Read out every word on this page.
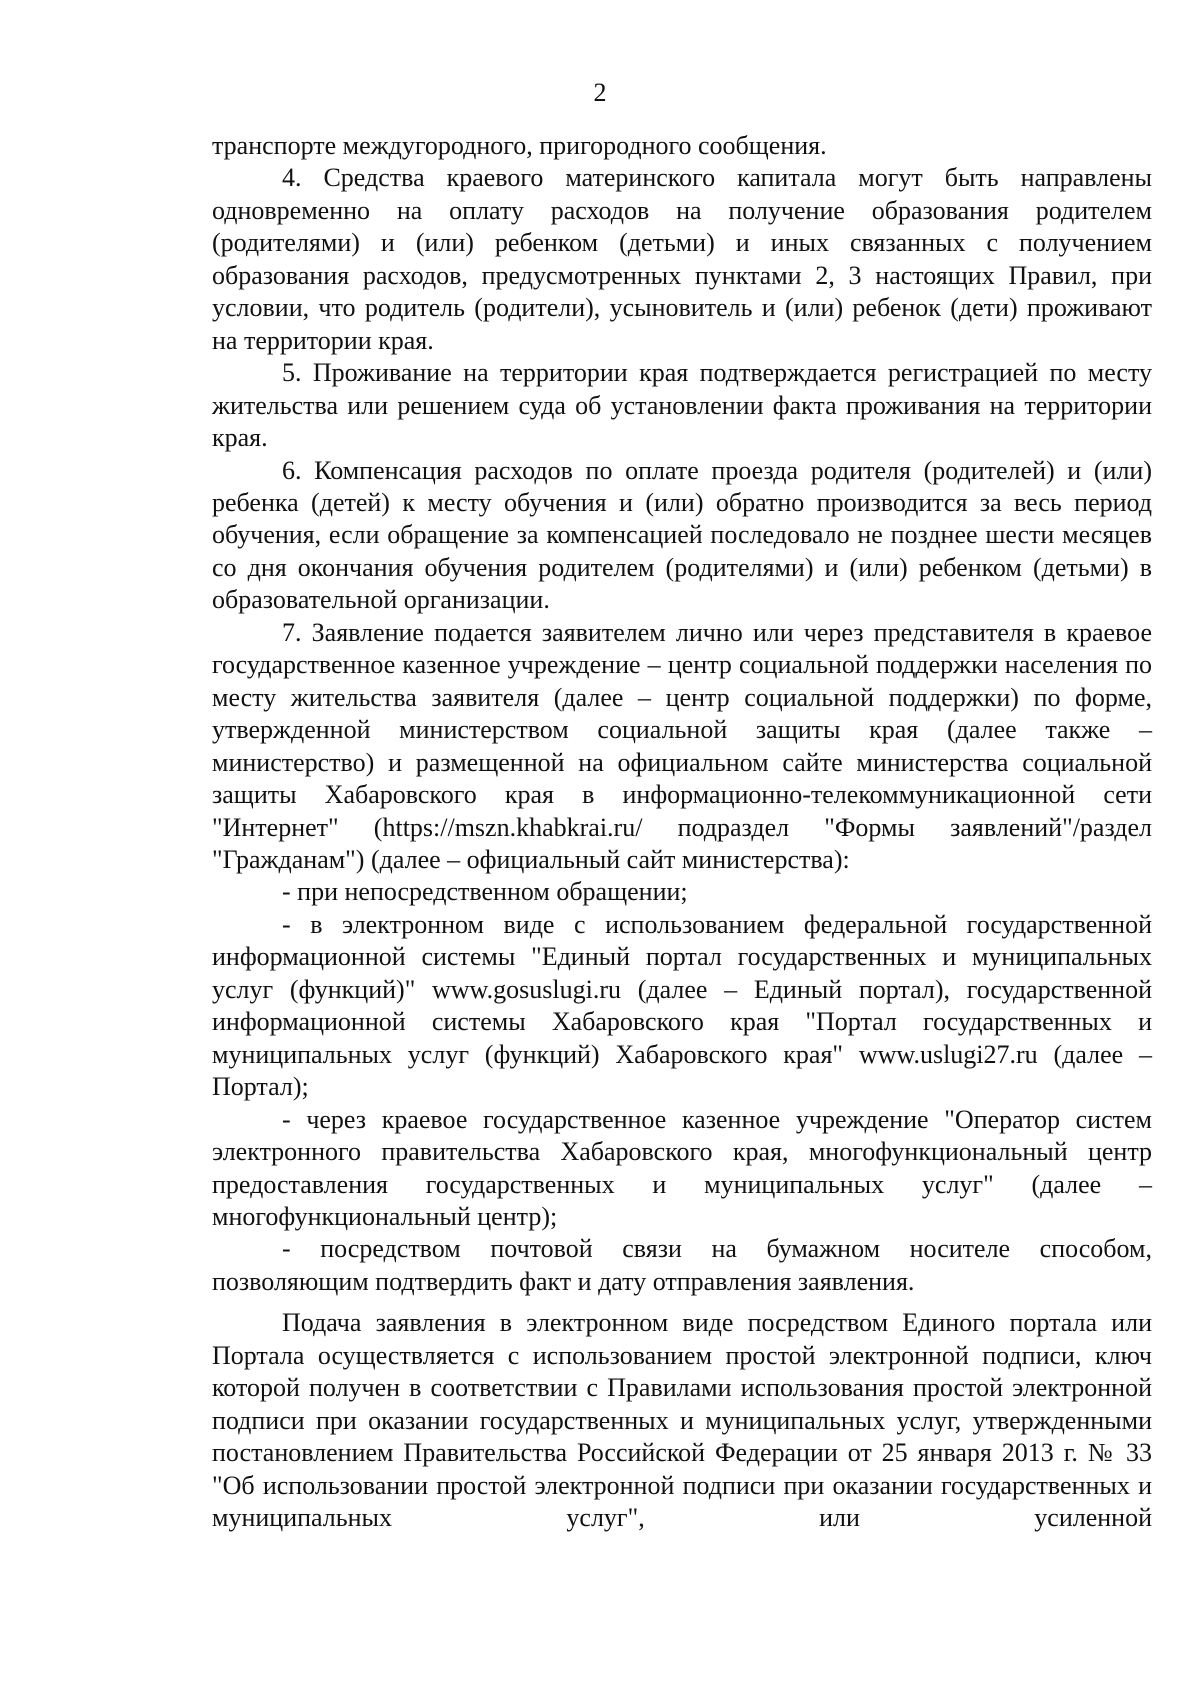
2

транспорте междугородного, пригородного сообщения.

4. Средства краевого материнского капитала могут быть направлены одновременно на оплату расходов на получение образования родителем (родителями) и (или) ребенком (детьми) и иных связанных с получением образования расходов, предусмотренных пунктами 2, 3 настоящих Правил, при условии, что родитель (родители), усыновитель и (или) ребенок (дети) проживают на территории края.

5. Проживание на территории края подтверждается регистрацией по месту жительства или решением суда об установлении факта проживания на территории края.

6. Компенсация расходов по оплате проезда родителя (родителей) и (или) ребенка (детей) к месту обучения и (или) обратно производится за весь период обучения, если обращение за компенсацией последовало не позднее шести месяцев со дня окончания обучения родителем (родителями) и (или) ребенком (детьми) в образовательной организации.

7. Заявление подается заявителем лично или через представителя в краевое государственное казенное учреждение – центр социальной поддержки населения по месту жительства заявителя (далее – центр социальной поддержки) по форме, утвержденной министерством социальной защиты края (далее также – министерство) и размещенной на официальном сайте министерства социальной защиты Хабаровского края в информационно-телекоммуникационной сети "Интернет" (https://mszn.khabkrai.ru/ подраздел "Формы заявлений"/раздел "Гражданам") (далее – официальный сайт министерства):

- при непосредственном обращении;

- в электронном виде с использованием федеральной государственной информационной системы "Единый портал государственных и муниципальных услуг (функций)" www.gosuslugi.ru (далее – Единый портал), государственной информационной системы Хабаровского края "Портал государственных и муниципальных услуг (функций) Хабаровского края" www.uslugi27.ru (далее – Портал);

- через краевое государственное казенное учреждение "Оператор систем электронного правительства Хабаровского края, многофункциональный центр предоставления государственных и муниципальных услуг" (далее – многофункциональный центр);

- посредством почтовой связи на бумажном носителе способом, позволяющим подтвердить факт и дату отправления заявления.

Подача заявления в электронном виде посредством Единого портала или Портала осуществляется с использованием простой электронной подписи, ключ которой получен в соответствии с Правилами использования простой электронной подписи при оказании государственных и муниципальных услуг, утвержденными постановлением Правительства Российской Федерации от 25 января 2013 г. № 33 "Об использовании простой электронной подписи при оказании государственных и муниципальных услуг", или усиленной
